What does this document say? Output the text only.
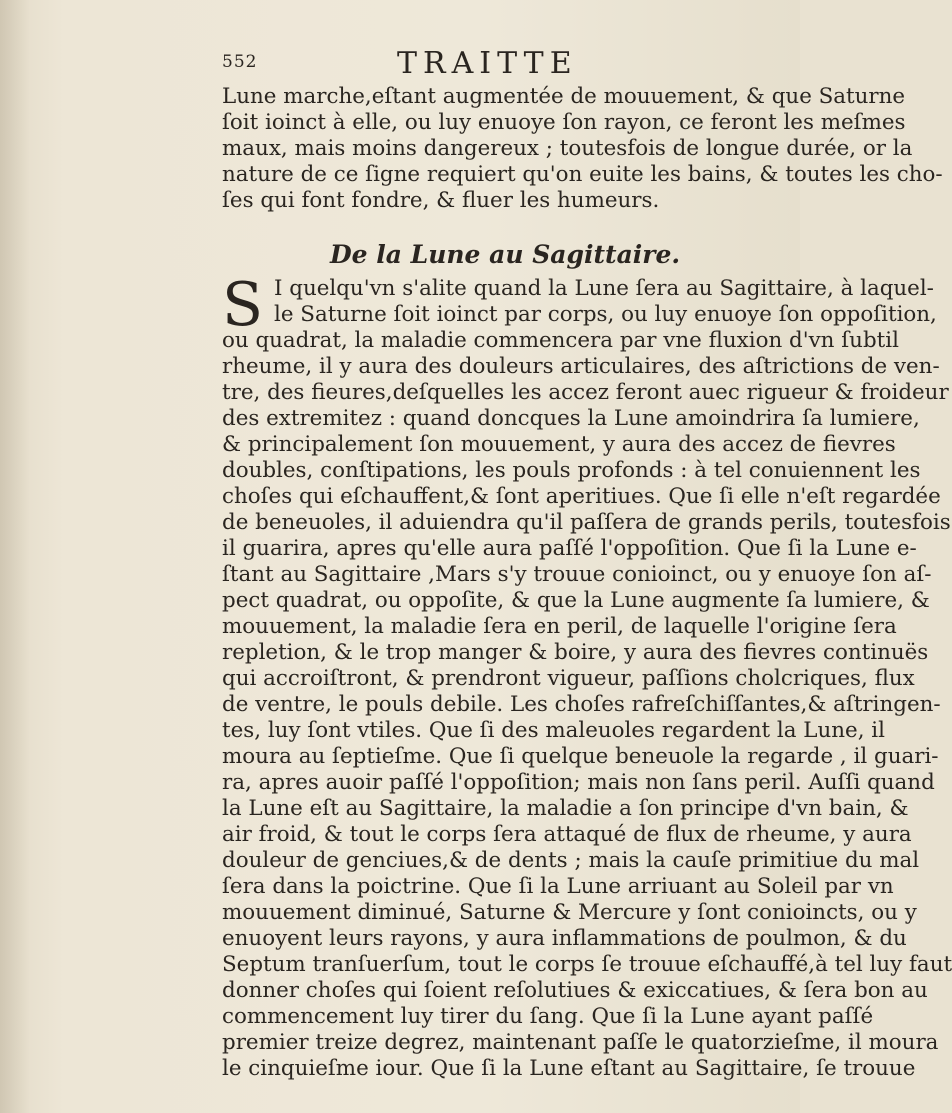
552	TRAITTE
Lune marche,eſtant augmentée de mouuement, & que Saturne
ſoit ioinct à elle, ou luy enuoye ſon rayon, ce feront les meſmes
maux, mais moins dangereux ; toutesfois de longue durée, or la
nature de ce ſigne requiert qu'on euite les bains, & toutes les cho-
ſes qui font fondre, & fluer les humeurs.
De la Lune au Sagittaire.
S I quelqu'vn s'alite quand la Lune ſera au Sagittaire, à laquel-
le Saturne ſoit ioinct par corps, ou luy enuoye ſon oppoſition,
ou quadrat, la maladie commencera par vne fluxion d'vn ſubtil
rheume, il y aura des douleurs articulaires, des aſtrictions de ven-
tre, des fieures,deſquelles les accez feront auec rigueur & froideur
des extremitez : quand doncques la Lune amoindrira ſa lumiere,
& principalement ſon mouuement, y aura des accez de fievres
doubles, conſtipations, les pouls profonds : à tel conuiennent les
choſes qui eſchauffent,& ſont aperitiues. Que ſi elle n'eſt regardée
de beneuoles, il aduiendra qu'il paſſera de grands perils, toutesfois
il guarira, apres qu'elle aura paſſé l'oppoſition. Que ſi la Lune e-
ſtant au Sagittaire ,Mars s'y trouue conioinct, ou y enuoye ſon aſ-
pect quadrat, ou oppoſite, & que la Lune augmente ſa lumiere, &
mouuement, la maladie ſera en peril, de laquelle l'origine ſera
repletion, & le trop manger & boire, y aura des fievres continuës
qui accroiſtront, & prendront vigueur, paſſions cholcriques, flux
de ventre, le pouls debile. Les choſes rafreſchiſſantes,& aſtringen-
tes, luy ſont vtiles. Que ſi des maleuoles regardent la Lune, il
moura au ſeptieſme. Que ſi quelque beneuole la regarde , il guari-
ra, apres auoir paſſé l'oppoſition; mais non ſans peril. Auſſi quand
la Lune eſt au Sagittaire, la maladie a ſon principe d'vn bain, &
air froid, & tout le corps ſera attaqué de flux de rheume, y aura
douleur de genciues,& de dents ; mais la cauſe primitiue du mal
ſera dans la poictrine. Que ſi la Lune arriuant au Soleil par vn
mouuement diminué, Saturne & Mercure y ſont conioincts, ou y
enuoyent leurs rayons, y aura inflammations de poulmon, & du
Septum tranſuerſum, tout le corps ſe trouue eſchauffé,à tel luy faut
donner choſes qui ſoient reſolutiues & exiccatiues, & ſera bon au
commencement luy tirer du ſang. Que ſi la Lune ayant paſſé
premier treize degrez, maintenant paſſe le quatorzieſme, il moura
le cinquieſme iour. Que ſi la Lune eſtant au Sagittaire, ſe trouue
